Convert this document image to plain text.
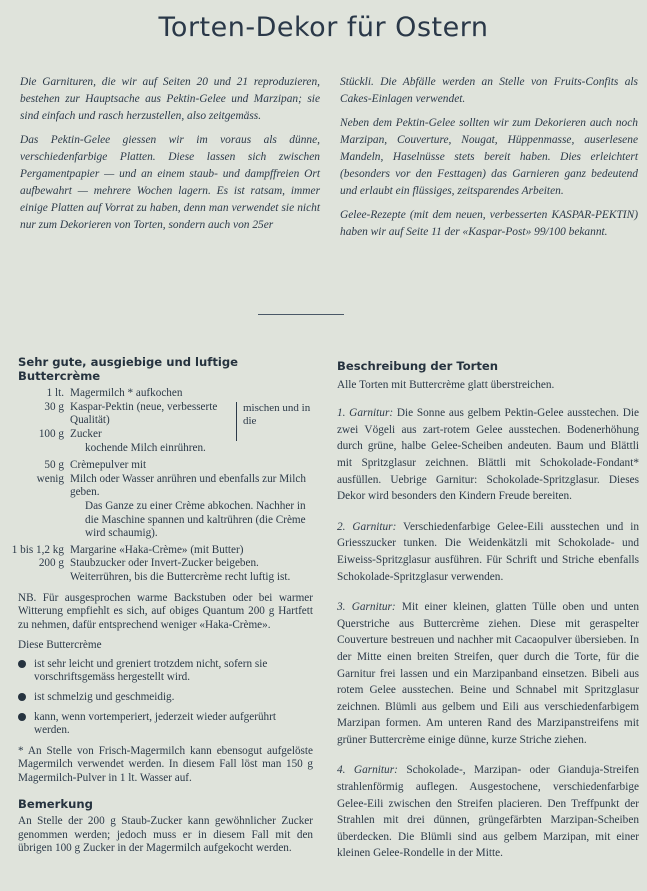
Torten-Dekor für Ostern

Die Garnituren, die wir auf Seiten 20 und 21 reproduzieren, bestehen zur Hauptsache aus Pektin-Gelee und Marzipan; sie sind einfach und rasch herzustellen, also zeitgemäss.

Das Pektin-Gelee giessen wir im voraus als dünne, verschiedenfarbige Platten. Diese lassen sich zwischen Pergamentpapier — und an einem staub- und dampffreien Ort aufbewahrt — mehrere Wochen lagern. Es ist ratsam, immer einige Platten auf Vorrat zu haben, denn man verwendet sie nicht nur zum Dekorieren von Torten, sondern auch von 25er

Stückli. Die Abfälle werden an Stelle von Fruits-Confits als Cakes-Einlagen verwendet.

Neben dem Pektin-Gelee sollten wir zum Dekorieren auch noch Marzipan, Couverture, Nougat, Hüppenmasse, auserlesene Mandeln, Haselnüsse stets bereit haben. Dies erleichtert (besonders vor den Festtagen) das Garnieren ganz bedeutend und erlaubt ein flüssiges, zeitsparendes Arbeiten.

Gelee-Rezepte (mit dem neuen, verbesserten KASPAR-PEKTIN) haben wir auf Seite 11 der «Kaspar-Post» 99/100 bekannt.

Sehr gute, ausgiebige und luftige Buttercrème
1 lt. Magermilch * aufkochen
30 g Kaspar-Pektin (neue, verbesserte Qualität)
100 g Zucker
mischen und in die
kochende Milch einrühren.
50 g Crèmepulver mit
wenig Milch oder Wasser anrühren und ebenfalls zur Milch geben.
Das Ganze zu einer Crème abkochen. Nachher in die Maschine spannen und kaltrühren (die Crème wird schaumig).
1 bis 1,2 kg Margarine «Haka-Crème» (mit Butter)
200 g Staubzucker oder Invert-Zucker beigeben. Weiterrühren, bis die Buttercrème recht luftig ist.
NB. Für ausgesprochen warme Backstuben oder bei warmer Witterung empfiehlt es sich, auf obiges Quantum 200 g Hartfett zu nehmen, dafür entsprechend weniger «Haka-Crème».
Diese Buttercrème
ist sehr leicht und greniert trotzdem nicht, sofern sie vorschriftsgemäss hergestellt wird.
ist schmelzig und geschmeidig.
kann, wenn vortemperiert, jederzeit wieder aufgerührt werden.
* An Stelle von Frisch-Magermilch kann ebensogut aufgelöste Magermilch verwendet werden. In diesem Fall löst man 150 g Magermilch-Pulver in 1 lt. Wasser auf.
Bemerkung
An Stelle der 200 g Staub-Zucker kann gewöhnlicher Zucker genommen werden; jedoch muss er in diesem Fall mit den übrigen 100 g Zucker in der Magermilch aufgekocht werden.
Beschreibung der Torten

Alle Torten mit Buttercrème glatt überstreichen.

1. Garnitur: Die Sonne aus gelbem Pektin-Gelee ausstechen. Die zwei Vögeli aus zart-rotem Gelee ausstechen. Bodenerhöhung durch grüne, halbe Gelee-Scheiben andeuten. Baum und Blättli mit Spritzglasur zeichnen. Blättli mit Schokolade-Fondant* ausfüllen. Uebrige Garnitur: Schokolade-Spritzglasur. Dieses Dekor wird besonders den Kindern Freude bereiten.

2. Garnitur: Verschiedenfarbige Gelee-Eili ausstechen und in Griesszucker tunken. Die Weidenkätzli mit Schokolade- und Eiweiss-Spritzglasur ausführen. Für Schrift und Striche ebenfalls Schokolade-Spritzglasur verwenden.

3. Garnitur: Mit einer kleinen, glatten Tülle oben und unten Querstriche aus Buttercrème ziehen. Diese mit geraspelter Couverture bestreuen und nachher mit Cacaopulver übersieben. In der Mitte einen breiten Streifen, quer durch die Torte, für die Garnitur frei lassen und ein Marzipanband einsetzen. Bibeli aus rotem Gelee ausstechen. Beine und Schnabel mit Spritzglasur zeichnen. Blümli aus gelbem und Eili aus verschiedenfarbigem Marzipan formen. Am unteren Rand des Marzipanstreifens mit grüner Buttercrème einige dünne, kurze Striche ziehen.

4. Garnitur: Schokolade-, Marzipan- oder Gianduja-Streifen strahlenförmig auflegen. Ausgestochene, verschiedenfarbige Gelee-Eili zwischen den Streifen placieren. Den Treffpunkt der Strahlen mit drei dünnen, grüngefärbten Marzipan-Scheiben überdecken. Die Blümli sind aus gelbem Marzipan, mit einer kleinen Gelee-Rondelle in der Mitte.
